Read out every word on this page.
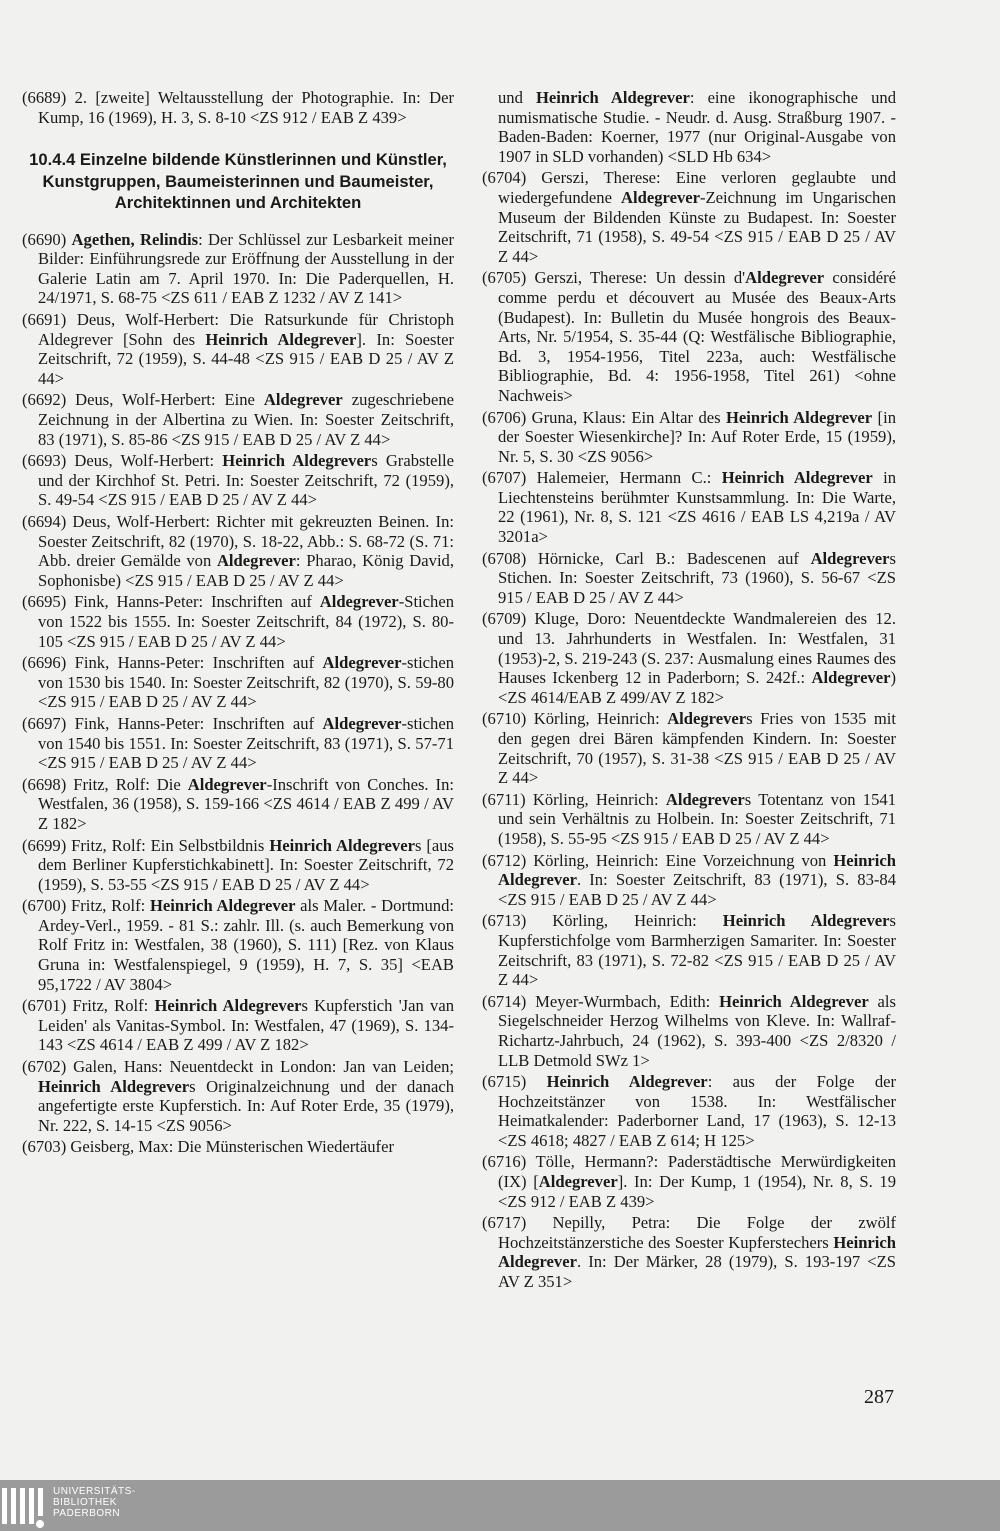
(6689) 2. [zweite] Weltausstellung der Photographie. In: Der Kump, 16 (1969), H. 3, S. 8-10 <ZS 912 / EAB Z 439>

10.4.4 Einzelne bildende Künstlerinnen und Künstler, Kunstgruppen, Baumeisterinnen und Baumeister, Architektinnen und Architekten

(6690) Agethen, Relindis: Der Schlüssel zur Lesbarkeit meiner Bilder: Einführungsrede zur Eröffnung der Ausstellung in der Galerie Latin am 7. April 1970. In: Die Paderquellen, H. 24/1971, S. 68-75 <ZS 611 / EAB Z 1232 / AV Z 141>

(6691) Deus, Wolf-Herbert: Die Ratsurkunde für Christoph Aldegrever [Sohn des Heinrich Aldegrever]. In: Soester Zeitschrift, 72 (1959), S. 44-48 <ZS 915 / EAB D 25 / AV Z 44>

(6692) Deus, Wolf-Herbert: Eine Aldegrever zugeschriebene Zeichnung in der Albertina zu Wien. In: Soester Zeitschrift, 83 (1971), S. 85-86 <ZS 915 / EAB D 25 / AV Z 44>

(6693) Deus, Wolf-Herbert: Heinrich Aldegrevers Grabstelle und der Kirchhof St. Petri. In: Soester Zeitschrift, 72 (1959), S. 49-54 <ZS 915 / EAB D 25 / AV Z 44>

(6694) Deus, Wolf-Herbert: Richter mit gekreuzten Beinen. In: Soester Zeitschrift, 82 (1970), S. 18-22, Abb.: S. 68-72 (S. 71: Abb. dreier Gemälde von Aldegrever: Pharao, König David, Sophonisbe) <ZS 915 / EAB D 25 / AV Z 44>

(6695) Fink, Hanns-Peter: Inschriften auf Aldegrever-Stichen von 1522 bis 1555. In: Soester Zeitschrift, 84 (1972), S. 80-105 <ZS 915 / EAB D 25 / AV Z 44>

(6696) Fink, Hanns-Peter: Inschriften auf Aldegrever-stichen von 1530 bis 1540. In: Soester Zeitschrift, 82 (1970), S. 59-80 <ZS 915 / EAB D 25 / AV Z 44>

(6697) Fink, Hanns-Peter: Inschriften auf Aldegrever-stichen von 1540 bis 1551. In: Soester Zeitschrift, 83 (1971), S. 57-71 <ZS 915 / EAB D 25 / AV Z 44>

(6698) Fritz, Rolf: Die Aldegrever-Inschrift von Conches. In: Westfalen, 36 (1958), S. 159-166 <ZS 4614 / EAB Z 499 / AV Z 182>

(6699) Fritz, Rolf: Ein Selbstbildnis Heinrich Aldegrevers [aus dem Berliner Kupferstichkabinett]. In: Soester Zeitschrift, 72 (1959), S. 53-55 <ZS 915 / EAB D 25 / AV Z 44>

(6700) Fritz, Rolf: Heinrich Aldegrever als Maler. - Dortmund: Ardey-Verl., 1959. - 81 S.: zahlr. Ill. (s. auch Bemerkung von Rolf Fritz in: Westfalen, 38 (1960), S. 111) [Rez. von Klaus Gruna in: Westfalenspiegel, 9 (1959), H. 7, S. 35] <EAB 95,1722 / AV 3804>

(6701) Fritz, Rolf: Heinrich Aldegrevers Kupferstich 'Jan van Leiden' als Vanitas-Symbol. In: Westfalen, 47 (1969), S. 134-143 <ZS 4614 / EAB Z 499 / AV Z 182>

(6702) Galen, Hans: Neuentdeckt in London: Jan van Leiden; Heinrich Aldegrevers Originalzeichnung und der danach angefertigte erste Kupferstich. In: Auf Roter Erde, 35 (1979), Nr. 222, S. 14-15 <ZS 9056>

(6703) Geisberg, Max: Die Münsterischen Wiedertäufer

und Heinrich Aldegrever: eine ikonographische und numismatische Studie. - Neudr. d. Ausg. Straßburg 1907. - Baden-Baden: Koerner, 1977 (nur Original-Ausgabe von 1907 in SLD vorhanden) <SLD Hb 634>

(6704) Gerszi, Therese: Eine verloren geglaubte und wiedergefundene Aldegrever-Zeichnung im Ungarischen Museum der Bildenden Künste zu Budapest. In: Soester Zeitschrift, 71 (1958), S. 49-54 <ZS 915 / EAB D 25 / AV Z 44>

(6705) Gerszi, Therese: Un dessin d'Aldegrever considéré comme perdu et découvert au Musée des Beaux-Arts (Budapest). In: Bulletin du Musée hongrois des Beaux-Arts, Nr. 5/1954, S. 35-44 (Q: Westfälische Bibliographie, Bd. 3, 1954-1956, Titel 223a, auch: Westfälische Bibliographie, Bd. 4: 1956-1958, Titel 261) <ohne Nachweis>

(6706) Gruna, Klaus: Ein Altar des Heinrich Aldegrever [in der Soester Wiesenkirche]? In: Auf Roter Erde, 15 (1959), Nr. 5, S. 30 <ZS 9056>

(6707) Halemeier, Hermann C.: Heinrich Aldegrever in Liechtensteins berühmter Kunstsammlung. In: Die Warte, 22 (1961), Nr. 8, S. 121 <ZS 4616 / EAB LS 4,219a / AV 3201a>

(6708) Hörnicke, Carl B.: Badescenen auf Aldegrevers Stichen. In: Soester Zeitschrift, 73 (1960), S. 56-67 <ZS 915 / EAB D 25 / AV Z 44>

(6709) Kluge, Doro: Neuentdeckte Wandmalereien des 12. und 13. Jahrhunderts in Westfalen. In: Westfalen, 31 (1953)-2, S. 219-243 (S. 237: Ausmalung eines Raumes des Hauses Ickenberg 12 in Paderborn; S. 242f.: Aldegrever) <ZS 4614/EAB Z 499/AV Z 182>

(6710) Körling, Heinrich: Aldegrevers Fries von 1535 mit den gegen drei Bären kämpfenden Kindern. In: Soester Zeitschrift, 70 (1957), S. 31-38 <ZS 915 / EAB D 25 / AV Z 44>

(6711) Körling, Heinrich: Aldegrevers Totentanz von 1541 und sein Verhältnis zu Holbein. In: Soester Zeitschrift, 71 (1958), S. 55-95 <ZS 915 / EAB D 25 / AV Z 44>

(6712) Körling, Heinrich: Eine Vorzeichnung von Heinrich Aldegrever. In: Soester Zeitschrift, 83 (1971), S. 83-84 <ZS 915 / EAB D 25 / AV Z 44>

(6713) Körling, Heinrich: Heinrich Aldegrevers Kupferstichfolge vom Barmherzigen Samariter. In: Soester Zeitschrift, 83 (1971), S. 72-82 <ZS 915 / EAB D 25 / AV Z 44>

(6714) Meyer-Wurmbach, Edith: Heinrich Aldegrever als Siegelschneider Herzog Wilhelms von Kleve. In: Wallraf-Richartz-Jahrbuch, 24 (1962), S. 393-400 <ZS 2/8320 / LLB Detmold SWz 1>

(6715) Heinrich Aldegrever: aus der Folge der Hochzeitstänzer von 1538. In: Westfälischer Heimatkalender: Paderborner Land, 17 (1963), S. 12-13 <ZS 4618; 4827 / EAB Z 614; H 125>

(6716) Tölle, Hermann?: Paderstädtische Merwürdigkeiten (IX) [Aldegrever]. In: Der Kump, 1 (1954), Nr. 8, S. 19 <ZS 912 / EAB Z 439>

(6717) Nepilly, Petra: Die Folge der zwölf Hochzeitstänzerstiche des Soester Kupferstechers Heinrich Aldegrever. In: Der Märker, 28 (1979), S. 193-197 <ZS AV Z 351>

287
UNIVERSITÄTS-
BIBLIOTHEK
PADERBORN
